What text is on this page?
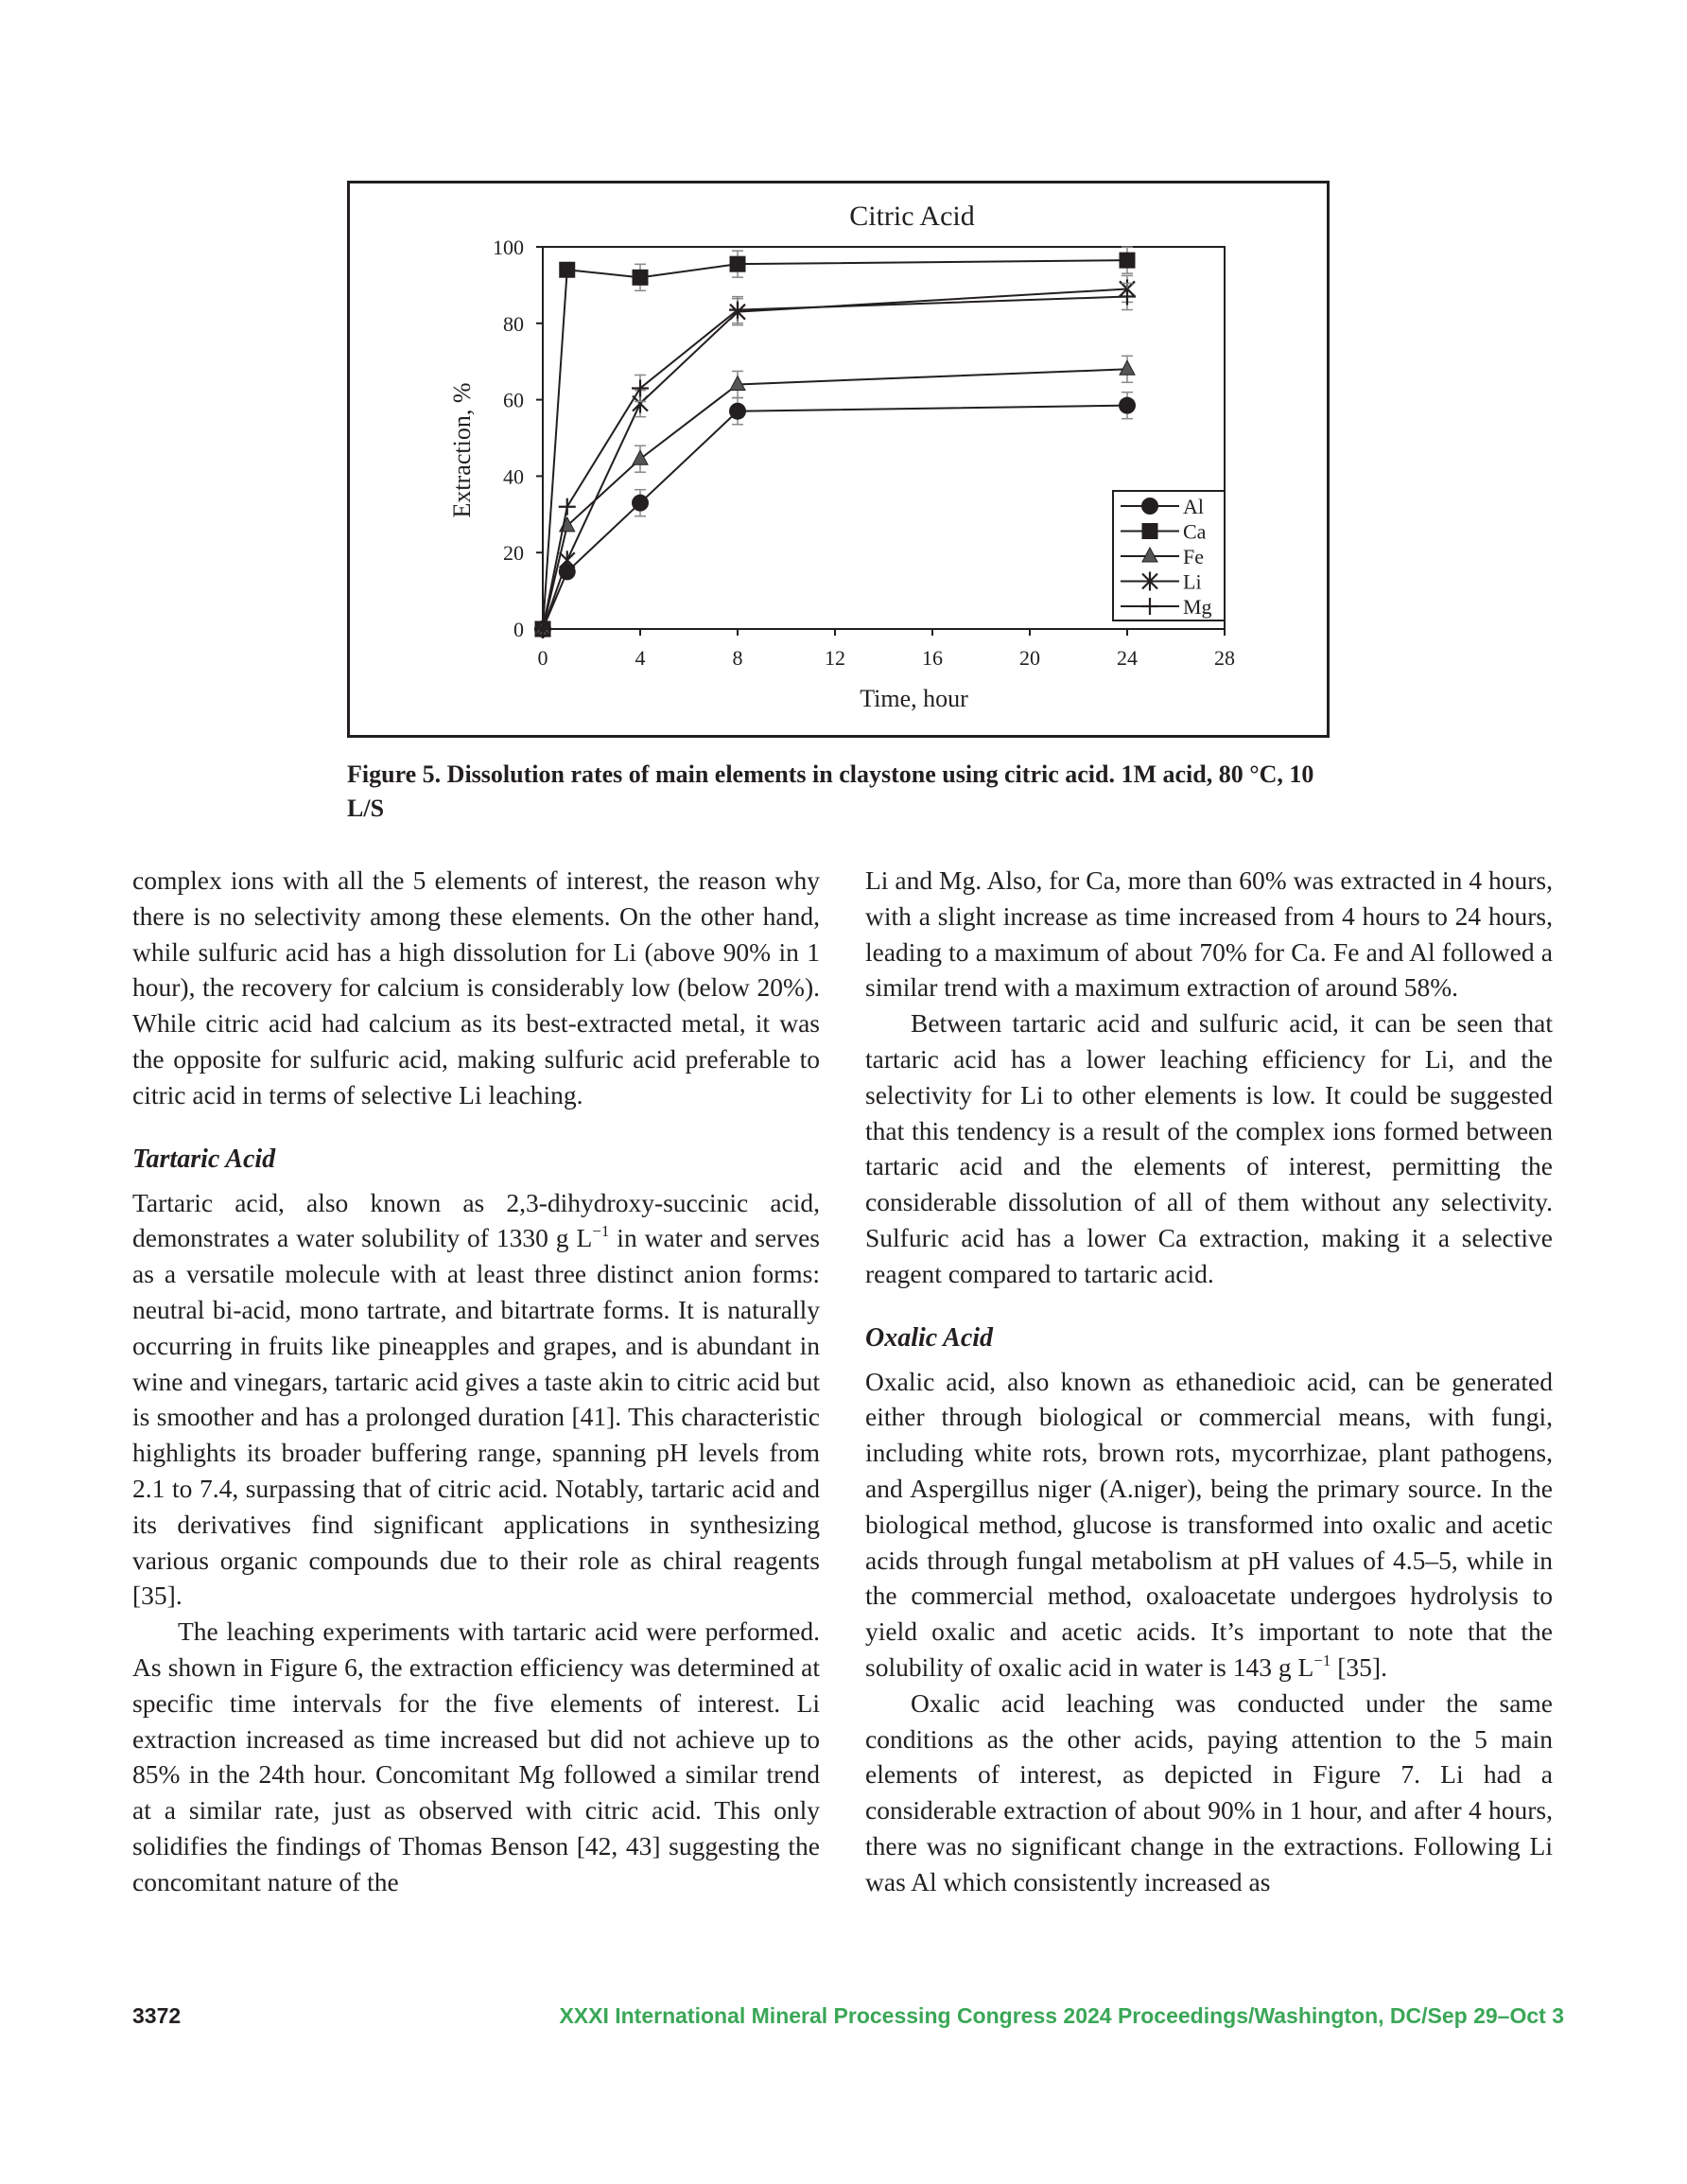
Citric Acid
0
20
40
60
80
100
0	4	8	12	16	20	24	28
Time, hour
Extraction, %	Al
Ca
Fe
Li
Mg
Figure 5. Dissolution rates of main elements in claystone using citric acid. 1M acid, 80 °C, 10 L/S

complex ions with all the 5 elements of interest, the reason why there is no selectivity among these elements. On the other hand, while sulfuric acid has a high dissolution for Li (above 90% in 1 hour), the recovery for calcium is considerably low (below 20%). While citric acid had calcium as its best-extracted metal, it was the opposite for sulfuric acid, making sulfuric acid preferable to citric acid in terms of selective Li leaching.

Tartaric Acid

Tartaric acid, also known as 2,3-dihydroxy-succinic acid, demonstrates a water solubility of 1330 g $L^{-1}$ in water and serves as a versatile molecule with at least three distinct anion forms: neutral bi-acid, mono tartrate, and bitartrate forms. It is naturally occurring in fruits like pineapples and grapes, and is abundant in wine and vinegars, tartaric acid gives a taste akin to citric acid but is smoother and has a prolonged duration [41]. This characteristic highlights its broader buffering range, spanning pH levels from 2.1 to 7.4, surpassing that of citric acid. Notably, tartaric acid and its derivatives find significant applications in synthesizing various organic compounds due to their role as chiral reagents [35].

The leaching experiments with tartaric acid were performed. As shown in Figure 6, the extraction efficiency was determined at specific time intervals for the five elements of interest. Li extraction increased as time increased but did not achieve up to 85% in the 24th hour. Concomitant Mg followed a similar trend at a similar rate, just as observed with citric acid. This only solidifies the findings of Thomas Benson [42, 43] suggesting the concomitant nature of the

Li and Mg. Also, for Ca, more than 60% was extracted in 4 hours, with a slight increase as time increased from 4 hours to 24 hours, leading to a maximum of about 70% for Ca. Fe and Al followed a similar trend with a maximum extraction of around 58%.

Between tartaric acid and sulfuric acid, it can be seen that tartaric acid has a lower leaching efficiency for Li, and the selectivity for Li to other elements is low. It could be suggested that this tendency is a result of the complex ions formed between tartaric acid and the elements of interest, permitting the considerable dissolution of all of them without any selectivity. Sulfuric acid has a lower Ca extraction, making it a selective reagent compared to tartaric acid.

Oxalic Acid

Oxalic acid, also known as ethanedioic acid, can be generated either through biological or commercial means, with fungi, including white rots, brown rots, mycorrhizae, plant pathogens, and Aspergillus niger (A.niger), being the primary source. In the biological method, glucose is transformed into oxalic and acetic acids through fungal metabolism at pH values of 4.5–5, while in the commercial method, oxaloacetate undergoes hydrolysis to yield oxalic and acetic acids. It’s important to note that the solubility of oxalic acid in water is 143 g $L^{-1}$ [35].

Oxalic acid leaching was conducted under the same conditions as the other acids, paying attention to the 5 main elements of interest, as depicted in Figure 7. Li had a considerable extraction of about 90% in 1 hour, and after 4 hours, there was no significant change in the extractions. Following Li was Al which consistently increased as

3372	XXXI International Mineral Processing Congress 2024 Proceedings/Washington, DC/Sep 29–Oct 3
